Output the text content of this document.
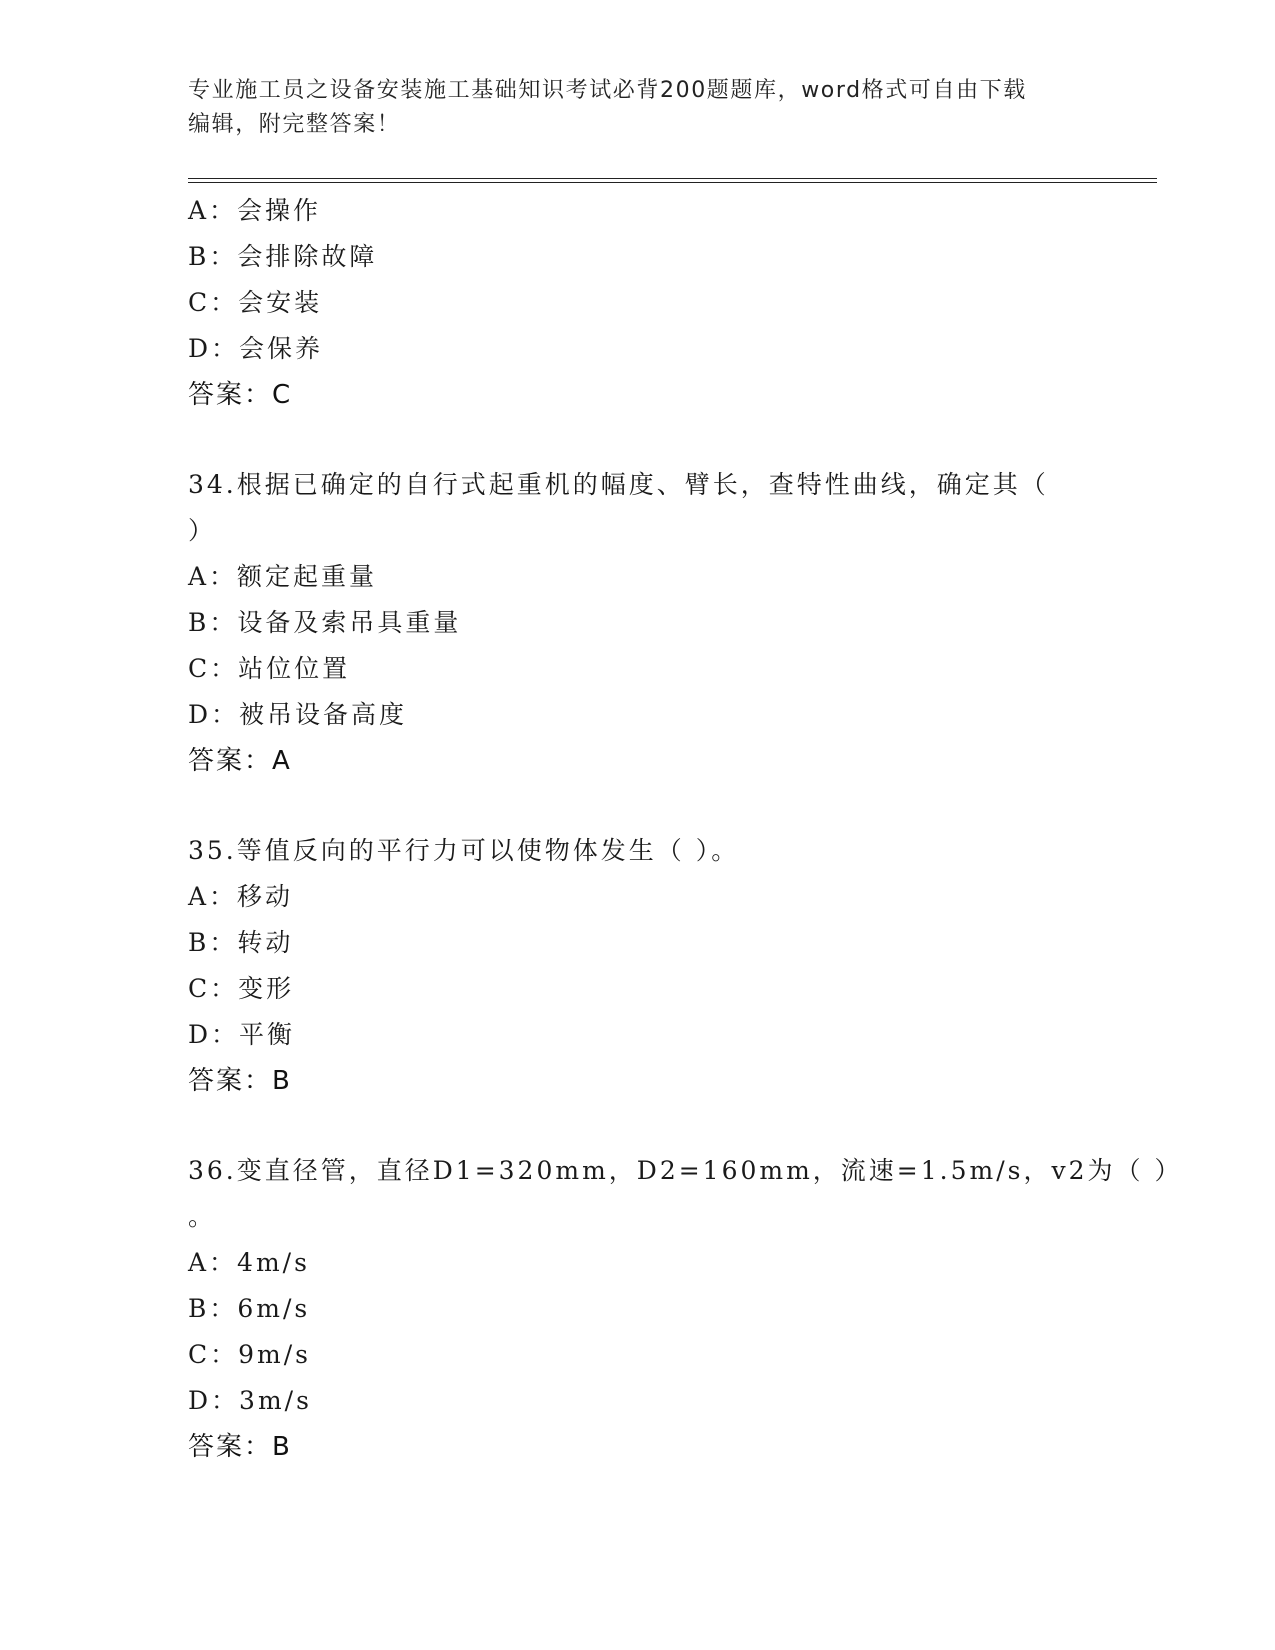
专业施工员之设备安装施工基础知识考试必背200题题库，word格式可自由下载
编辑，附完整答案！
A：会操作
B：会排除故障
C：会安装
D：会保养
答案：C
34.根据已确定的自行式起重机的幅度、臂长，查特性曲线，确定其（
）
A：额定起重量
B：设备及索吊具重量
C：站位位置
D：被吊设备高度
答案：A
35.等值反向的平行力可以使物体发生（ ）。
A：移动
B：转动
C：变形
D：平衡
答案：B
36.变直径管，直径D1=320mm，D2=160mm，流速=1.5m/s，v2为（ ）
。
A：4m/s
B：6m/s
C：9m/s
D：3m/s
答案：B
